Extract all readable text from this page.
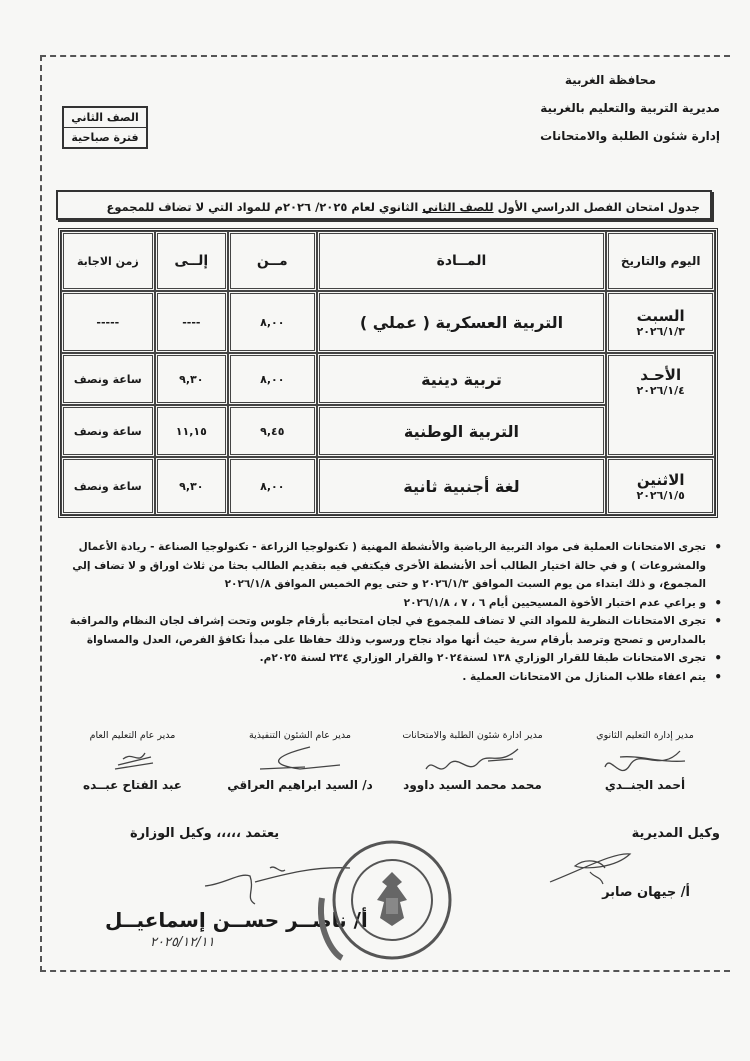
محافظة الغربية
مديرية التربية والتعليم بالغربية
إدارة شئون الطلبة والامتحانات
الصف الثاني
فترة صباحية
جدول امتحان الفصل الدراسي الأول للصف الثاني الثانوي لعام ٢٠٢٥/ ٢٠٢٦م للمواد التي لا تضاف للمجموع
اليوم والتاريخ	المــادة	مــن	إلــى	زمن الاجابة

السبت
٢٠٢٦/١/٣	التربية العسكرية ( عملي )	٨,٠٠	----	-----

الأحـد
٢٠٢٦/١/٤	تربية دينية	٨,٠٠	٩,٣٠	ساعة ونصف
	التربية الوطنية	٩,٤٥	١١,١٥	ساعة ونصف

الاثنين
٢٠٢٦/١/٥	لغة أجنبية ثانية	٨,٠٠	٩,٣٠	ساعة ونصف
• تجرى الامتحانات العملية فى مواد التربية الرياضية والأنشطة المهنية ( تكنولوجيا الزراعة - تكنولوجيا الصناعة - ريادة الأعمال والمشروعات ) و في حالة اختيار الطالب أحد الأنشطة الأخرى فيكتفي فيه بتقديم الطالب بحثا من ثلاث اوراق و لا تضاف إلي المجموع، و ذلك ابتداء من يوم السبت الموافق ٢٠٢٦/١/٣ و حتى يوم الخميس الموافق ٢٠٢٦/١/٨
• و يراعي عدم اختبار الأخوة المسيحيين أيام ٦ ، ٧ ، ٢٠٢٦/١/٨
• تجرى الامتحانات النظرية للمواد التي لا تضاف للمجموع في لجان امتحانيه بأرقام جلوس وتحت إشراف لجان النظام والمراقبة بالمدارس و تصحح وترصد بأرقام سرية حيث أنها مواد نجاح ورسوب وذلك حفاظا على مبدأ تكافؤ الفرص، العدل والمساواة
• تجرى الامتحانات طبقا للقرار الوزاري ١٣٨ لسنة٢٠٢٤ والقرار الوزاري ٢٣٤ لسنة ٢٠٢٥م.
• يتم اعفاء طلاب المنازل من الامتحانات العملية .
مدير إدارة التعليم الثانوي
أحمد الجنــدي
مدير ادارة شئون الطلبة والامتحانات
محمد محمد السيد داوود
مدير عام الشئون التنفيذية
د/ السيد ابراهيم العراقي
مدير عام التعليم العام
عبد الفتاح عبــده
وكيل المديرية
أ/ جيهان صابر
يعتمد ،،،،، وكيل الوزارة
أ/ ناصــر حســن إسماعيــل
٢٠٢٥/١٢/١١
